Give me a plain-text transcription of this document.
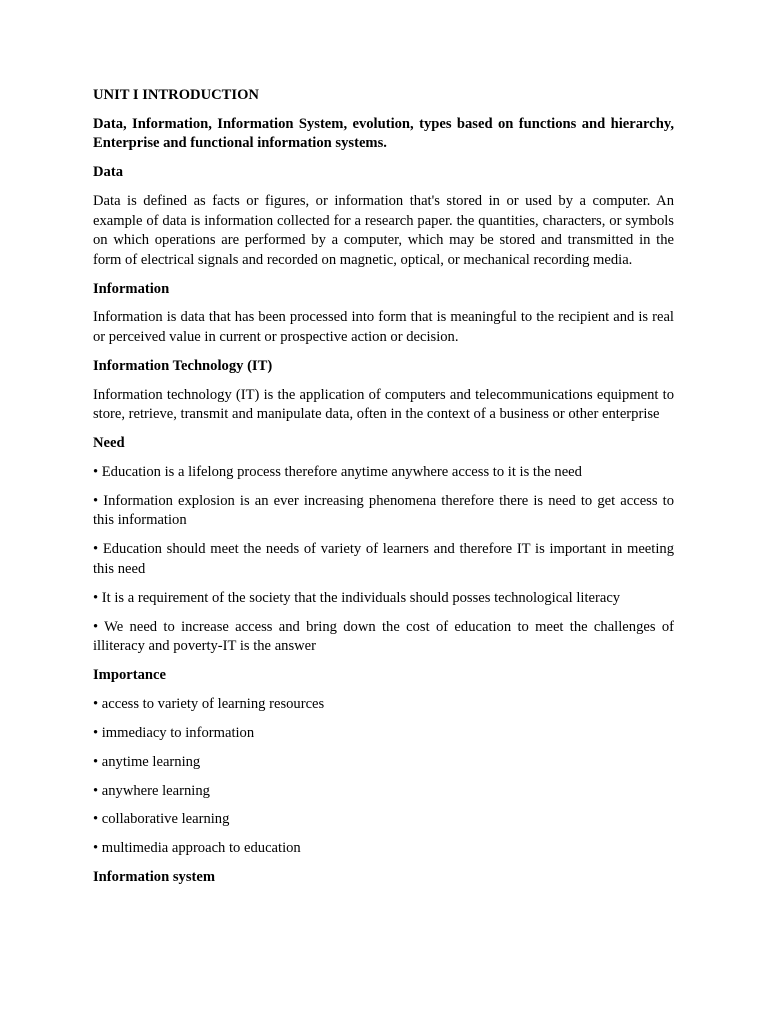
UNIT I INTRODUCTION

Data, Information, Information System, evolution, types based on functions and hierarchy, Enterprise and functional information systems.

Data

Data is defined as facts or figures, or information that's stored in or used by a computer. An example of data is information collected for a research paper. the quantities, characters, or symbols on which operations are performed by a computer, which may be stored and transmitted in the form of electrical signals and recorded on magnetic, optical, or mechanical recording media.

Information

Information is data that has been processed into form that is meaningful to the recipient and is real or perceived value in current or prospective action or decision.

Information Technology (IT)

Information technology (IT) is the application of computers and telecommunications equipment to store, retrieve, transmit and manipulate data, often in the context of a business or other enterprise

Need

• Education is a lifelong process therefore anytime anywhere access to it is the need

• Information explosion is an ever increasing phenomena therefore there is need to get access to this information

• Education should meet the needs of variety of learners and therefore IT is important in meeting this need

• It is a requirement of the society that the individuals should posses technological literacy

• We need to increase access and bring down the cost of education to meet the challenges of illiteracy and poverty-IT is the answer

Importance

• access to variety of learning resources

• immediacy to information

• anytime learning

• anywhere learning

• collaborative learning

• multimedia approach to education

Information system
